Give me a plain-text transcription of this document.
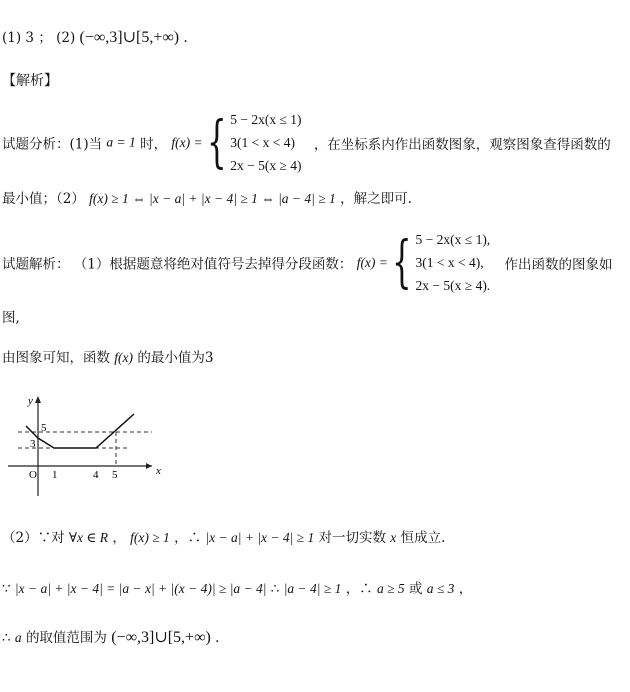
(1) 3 ； (2) (−∞,3]∪[5,+∞) .
【解析】
试题分析：(1)当 a = 1 时， f(x) = { 5 − 2x(x ≤ 1)
3(1 < x < 4)
2x − 5(x ≥ 4)
，在坐标系内作出函数图象，观察图象查得函数的
最小值；（2） f(x) ≥ 1 ⇔ |x − a| + |x − 4| ≥ 1 ⇔ |a − 4| ≥ 1 ，解之即可.
试题解析： （1）根据题意将绝对值符号去掉得分段函数： f(x) = { 5 − 2x(x ≤ 1),
3(1 < x < 4),
2x − 5(x ≥ 4).
作出函数的图象如
图,
由图象可知，函数 f(x) 的最小值为3
y
x
O
5
3
1	4 5
（2）∵对 ∀x ∈ R ， f(x) ≥ 1 ，∴ |x − a| + |x − 4| ≥ 1 对一切实数 x 恒成立.
∵ |x − a| + |x − 4| = |a − x| + |(x − 4)| ≥ |a − 4| ∴ |a − 4| ≥ 1 ，∴ a ≥ 5 或 a ≤ 3 ，
∴ a 的取值范围为 (−∞,3]∪[5,+∞) .
